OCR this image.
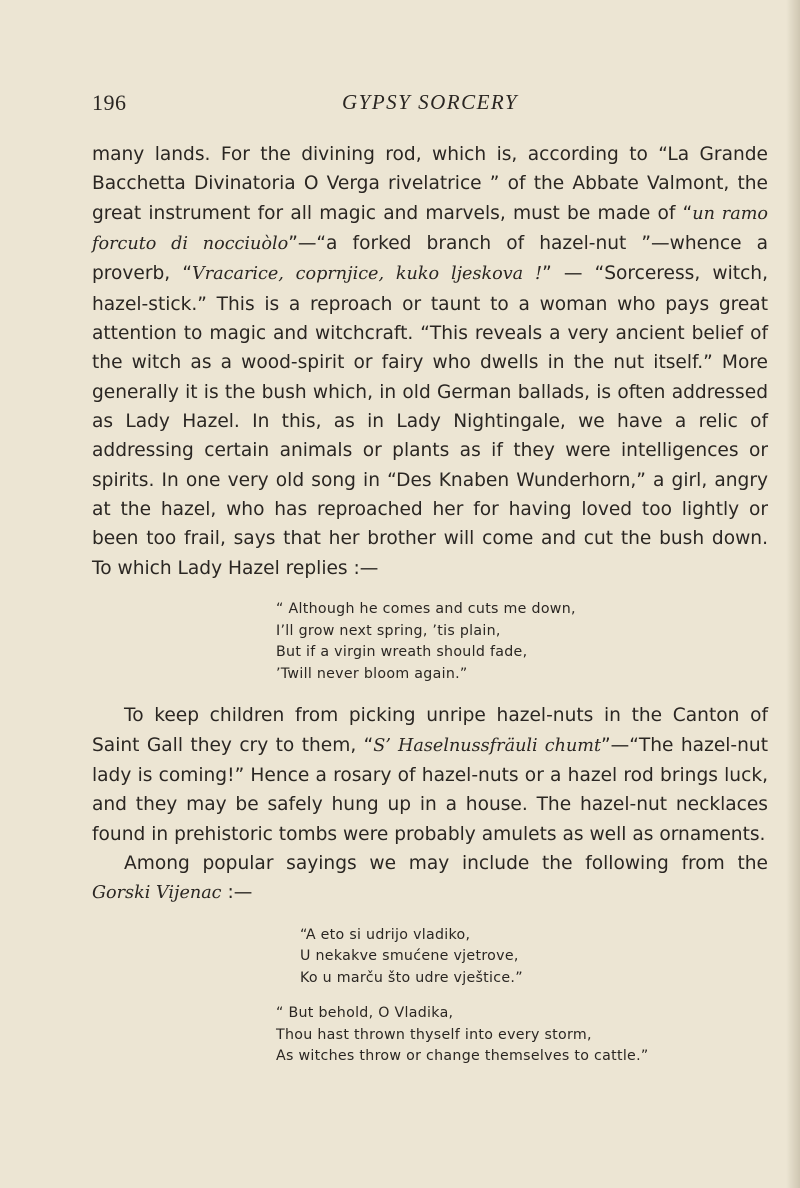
196	GYPSY SORCERY

many lands. For the divining rod, which is, according to “La Grande Bacchetta Divinatoria O Verga rivelatrice ” of the Abbate Valmont, the great instrument for all magic and marvels, must be made of “un ramo forcuto di nocciuòlo”—“a forked branch of hazel-nut ”—whence a proverb, “Vracarice, coprnjice, kuko ljeskova !” — “Sorceress, witch, hazel-stick.” This is a reproach or taunt to a woman who pays great attention to magic and witchcraft. “This reveals a very ancient belief of the witch as a wood-spirit or fairy who dwells in the nut itself.” More generally it is the bush which, in old German ballads, is often addressed as Lady Hazel. In this, as in Lady Nightingale, we have a relic of addressing certain animals or plants as if they were intelligences or spirits. In one very old song in “Des Knaben Wunderhorn,” a girl, angry at the hazel, who has reproached her for having loved too lightly or been too frail, says that her brother will come and cut the bush down. To which Lady Hazel replies :—

“ Although he comes and cuts me down,
I’ll grow next spring, ’tis plain,
But if a virgin wreath should fade,
’Twill never bloom again.”

To keep children from picking unripe hazel-nuts in the Canton of Saint Gall they cry to them, “S’ Haselnussfräuli chumt”—“The hazel-nut lady is coming!” Hence a rosary of hazel-nuts or a hazel rod brings luck, and they may be safely hung up in a house. The hazel-nut necklaces found in prehistoric tombs were probably amulets as well as ornaments.

Among popular sayings we may include the following from the Gorski Vijenac :—

“A eto si udrijo vladiko,
U nekakve smućene vjetrove,
Ko u marču što udre vještice.”
“ But behold, O Vladika,
Thou hast thrown thyself into every storm,
As witches throw or change themselves to cattle.”
